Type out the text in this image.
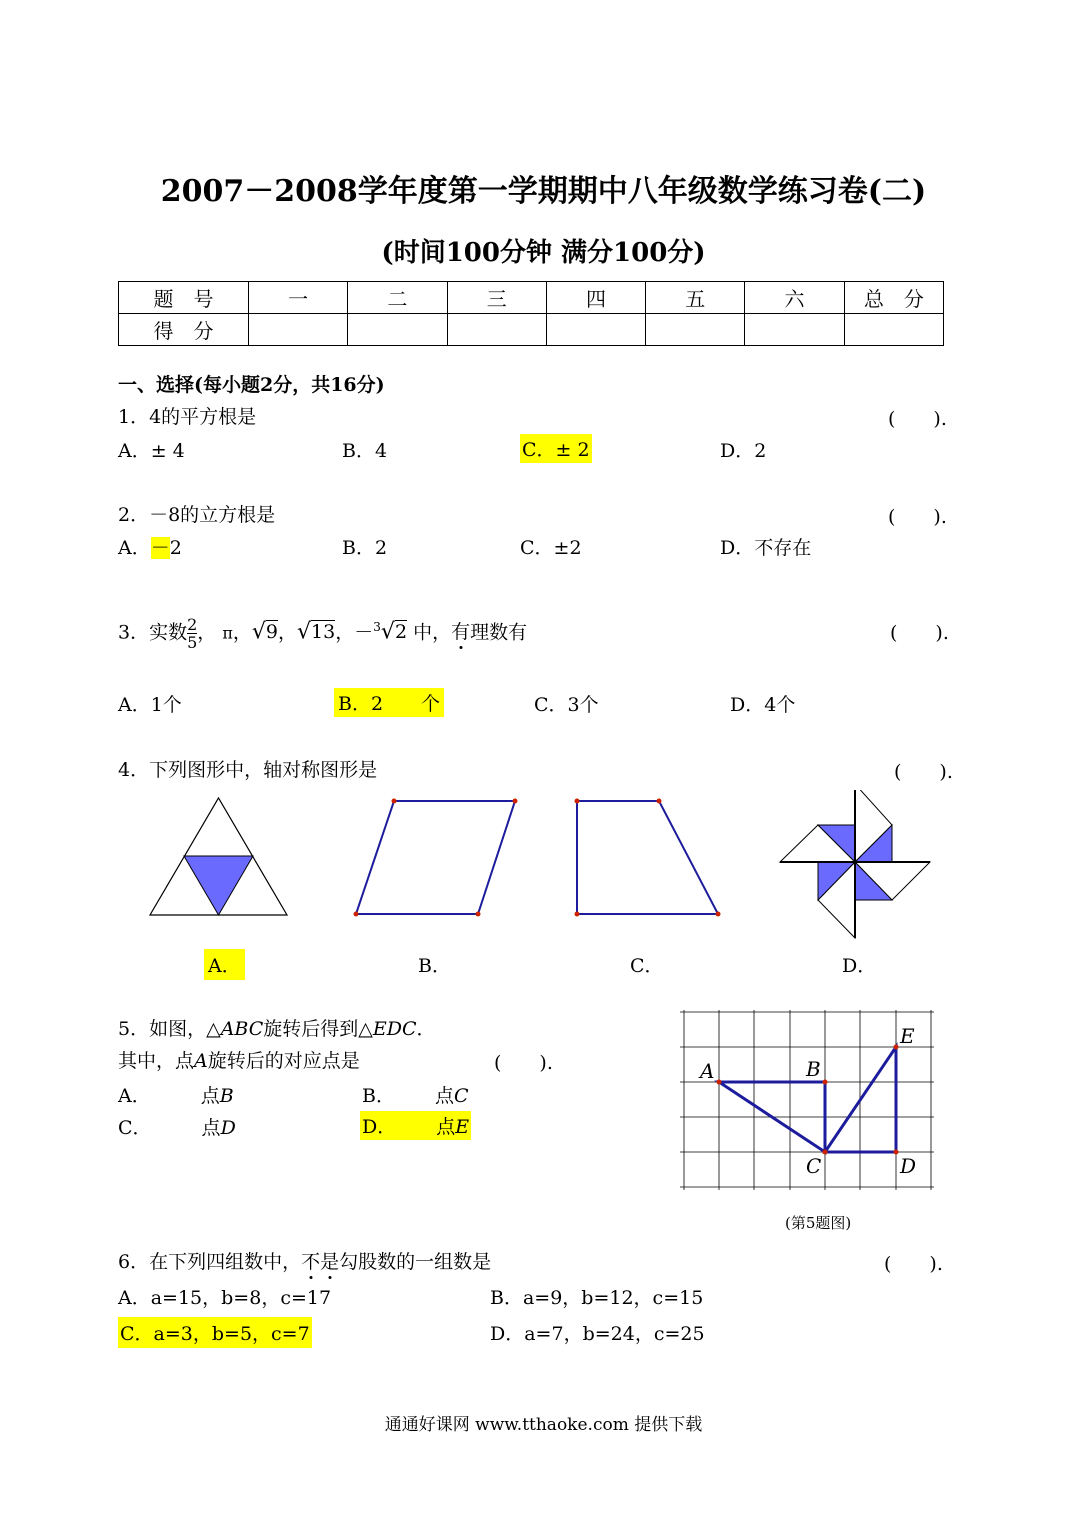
2007－2008学年度第一学期期中八年级数学练习卷(二)
(时间100分钟 满分100分)
题　号	一	二	三	四	五	六	总　分
得　分							
一、选择(每小题2分，共16分)
1．4的平方根是	(　　).
A．± 4	B．4	C．± 2	D．2
2．－8的立方根是	(　　).
A．－2	B．2	C．±2	D．不存在
3．实数 $\frac{2}{5}$ ， π，√9，√13，－$^3$√2 中，有理数有	(　　).
A．1个	B．2　　个	C．3个	D．4个
4．下列图形中，轴对称图形是	(　　).
A．	B．	C．	D．
5．如图，△ABC旋转后得到△EDC．
其中，点A旋转后的对应点是	(　　).
A．	点B	B． 点C
C．	点D	D． 点E
A	B
C	D
E
(第5题图)
6．在下列四组数中，不是勾股数的一组数是	(　　).
A．a=15，b=8，c=17	B．a=9，b=12，c=15
C．a=3，b=5，c=7	D．a=7，b=24，c=25
通通好课网 www.tthaoke.com 提供下载
